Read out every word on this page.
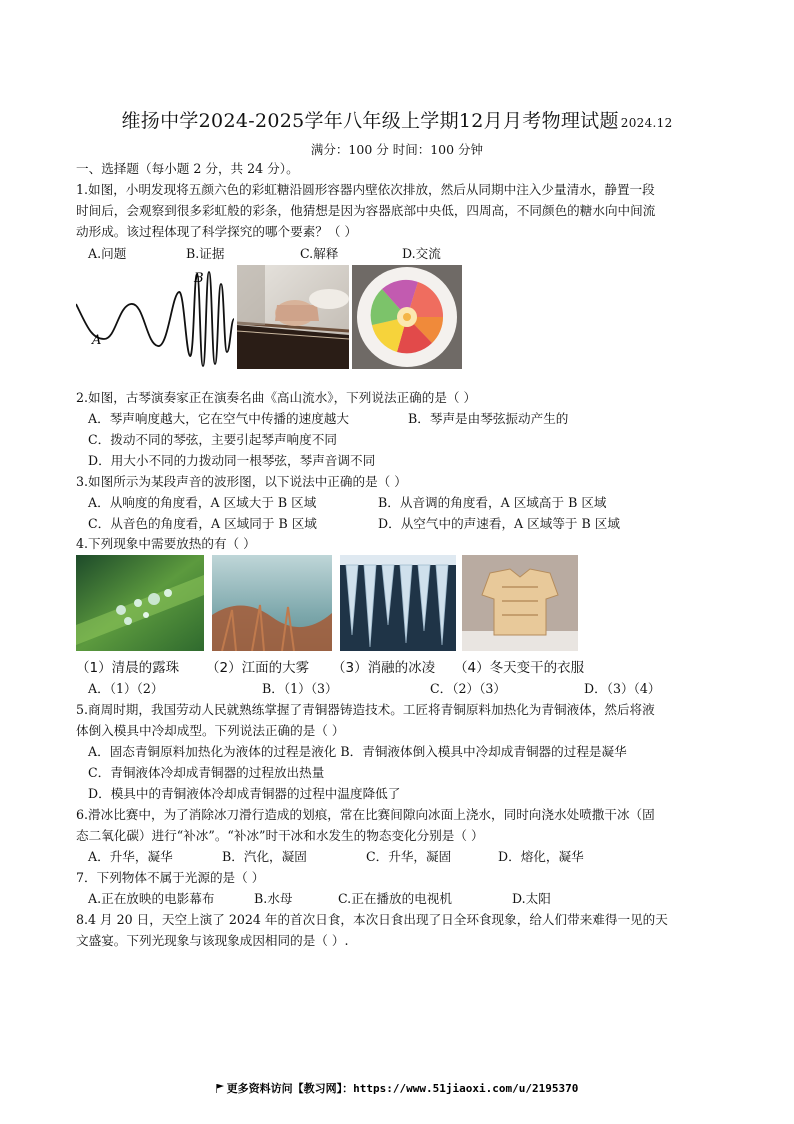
维扬中学2024-2025学年八年级上学期12月月考物理试题 2024.12
满分：100 分 时间：100 分钟
一、选择题（每小题 2 分，共 24 分）。
1.如图，小明发现将五颜六色的彩虹糖沿圆形容器内壁依次排放，然后从同期中注入少量清水，静置一段
时间后，会观察到很多彩虹般的彩条，他猜想是因为容器底部中央低，四周高，不同颜色的糖水向中间流
动形成。该过程体现了科学探究的哪个要素？（ ）
A.问题	B.证据	C.解释	D.交流
A
B
2.如图，古琴演奏家正在演奏名曲《高山流水》，下列说法正确的是（ ）
A．琴声响度越大，它在空气中传播的速度越大	B．琴声是由琴弦振动产生的
C．拨动不同的琴弦，主要引起琴声响度不同
D．用大小不同的力拨动同一根琴弦，琴声音调不同
3.如图所示为某段声音的波形图，以下说法中正确的是（ ）
A．从响度的角度看，A 区域大于 B 区域	B．从音调的角度看，A 区域高于 B 区域
C．从音色的角度看，A 区域同于 B 区域	D．从空气中的声速看，A 区域等于 B 区域
4.下列现象中需要放热的有（ ）
（1）清晨的露珠 （2）江面的大雾 （3）消融的冰凌 （4）冬天变干的衣服
A．（1）（2）	B．（1）（3）	C．（2）（3）	D．（3）（4）
5.商周时期，我国劳动人民就熟练掌握了青铜器铸造技术。工匠将青铜原料加热化为青铜液体，然后将液
体倒入模具中冷却成型。下列说法正确的是（ ）
A．固态青铜原料加热化为液体的过程是液化 B．青铜液体倒入模具中冷却成青铜器的过程是凝华
C．青铜液体冷却成青铜器的过程放出热量
D．模具中的青铜液体冷却成青铜器的过程中温度降低了
6.滑冰比赛中，为了消除冰刀滑行造成的划痕，常在比赛间隙向冰面上浇水，同时向浇水处喷撒干冰（固
态二氧化碳）进行“补冰”。“补冰”时干冰和水发生的物态变化分别是（ ）
A．升华，凝华	B．汽化，凝固	C．升华，凝固	D．熔化，凝华
7．下列物体不属于光源的是（ ）
A.正在放映的电影幕布	B.水母	C.正在播放的电视机	D.太阳
8.4 月 20 日，天空上演了 2024 年的首次日食，本次日食出现了日全环食现象，给人们带来难得一见的天
文盛宴。下列光现象与该现象成因相同的是（ ）.
更多资料访问【教习网】：https://www.51jiaoxi.com/u/2195370
